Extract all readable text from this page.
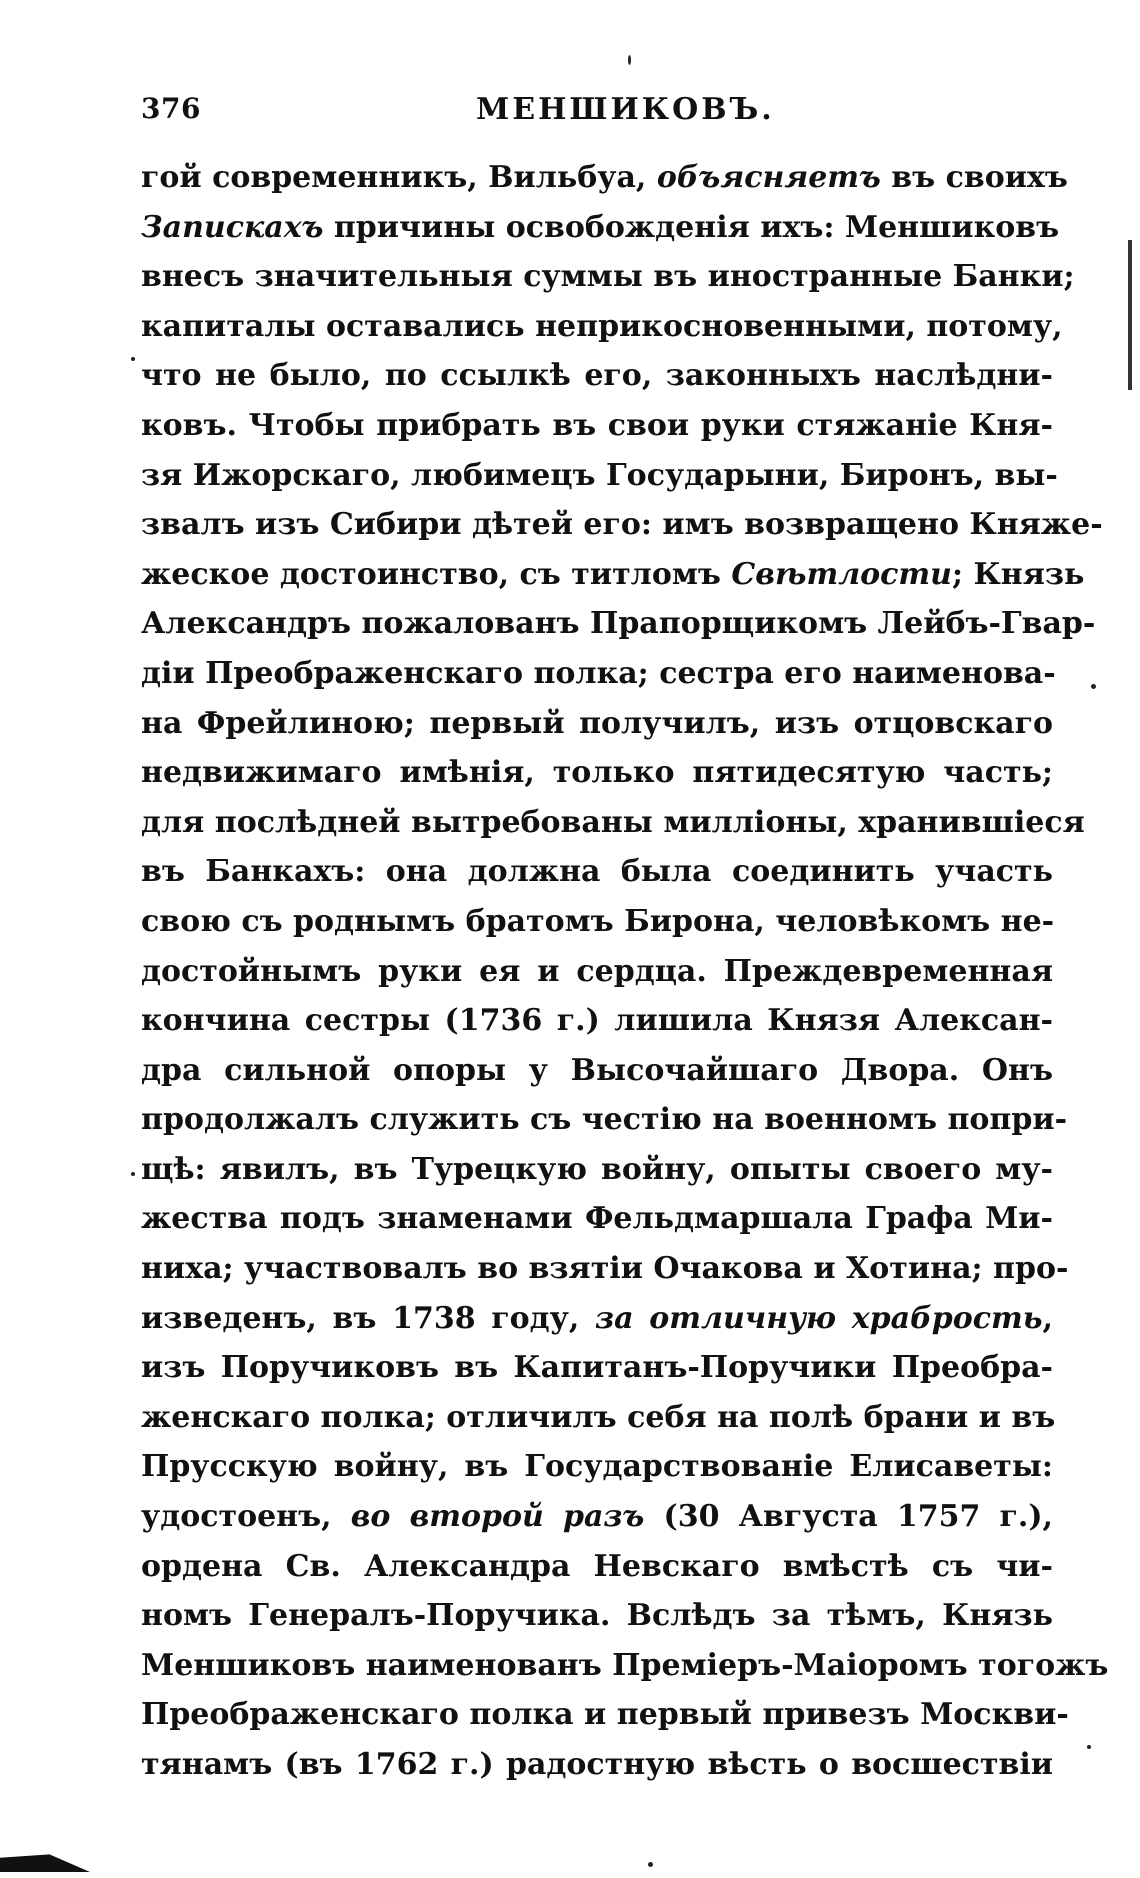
376	МЕНШИКОВЪ.
гой современникъ, Вильбуа, объясняетъ въ своихъ
Запискахъ причины освобожденія ихъ: Меншиковъ
внесъ значительныя суммы въ иностранные Банки;
капиталы оставались неприкосновенными, потому,
что не было, по ссылкѣ его, законныхъ наслѣдни-
ковъ. Чтобы прибрать въ свои руки стяжаніе Кня-
зя Ижорскаго, любимецъ Государыни, Биронъ, вы-
звалъ изъ Сибири дѣтей его: имъ возвращено Княже-
жеское достоинство, съ титломъ Свѣтлости; Князь
Александръ пожалованъ Прапорщикомъ Лейбъ-Гвар-
діи Преображенскаго полка; сестра его наименова-
на Фрейлиною; первый получилъ, изъ отцовскаго
недвижимаго имѣнія, только пятидесятую часть;
для послѣдней вытребованы милліоны, хранившіеся
въ Банкахъ: она должна была соединить участь
свою съ роднымъ братомъ Бирона, человѣкомъ не-
достойнымъ руки ея и сердца. Преждевременная
кончина сестры (1736 г.) лишила Князя Алексан-
дра сильной опоры у Высочайшаго Двора. Онъ
продолжалъ служить съ честію на военномъ попри-
щѣ: явилъ, въ Турецкую войну, опыты своего му-
жества подъ знаменами Фельдмаршала Графа Ми-
ниха; участвовалъ во взятіи Очакова и Хотина; про-
изведенъ, въ 1738 году, за отличную храбрость,
изъ Поручиковъ въ Капитанъ-Поручики Преобра-
женскаго полка; отличилъ себя на полѣ брани и въ
Прусскую войну, въ Государствованіе Елисаветы:
удостоенъ, во второй разъ (30 Августа 1757 г.),
ордена Св. Александра Невскаго вмѣстѣ съ чи-
номъ Генералъ-Поручика. Вслѣдъ за тѣмъ, Князь
Меншиковъ наименованъ Премiеръ-Маiоромъ тогожъ
Преображенскаго полка и первый привезъ Москви-
тянамъ (въ 1762 г.) радостную вѣсть о восшествіи
